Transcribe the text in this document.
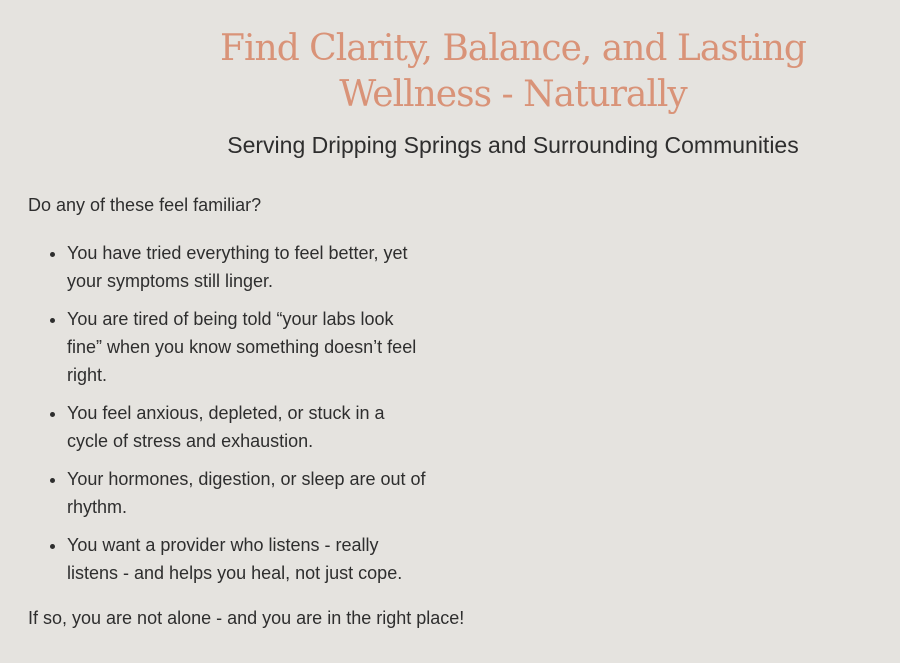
Find Clarity, Balance, and Lasting Wellness - Naturally
Serving Dripping Springs and Surrounding Communities

Do any of these feel familiar?

• You have tried everything to feel better, yet your symptoms still linger.
• You are tired of being told “your labs look fine” when you know something doesn’t feel right.
• You feel anxious, depleted, or stuck in a cycle of stress and exhaustion.
• Your hormones, digestion, or sleep are out of rhythm.
• You want a provider who listens - really listens - and helps you heal, not just cope.

If so, you are not alone - and you are in the right place!
